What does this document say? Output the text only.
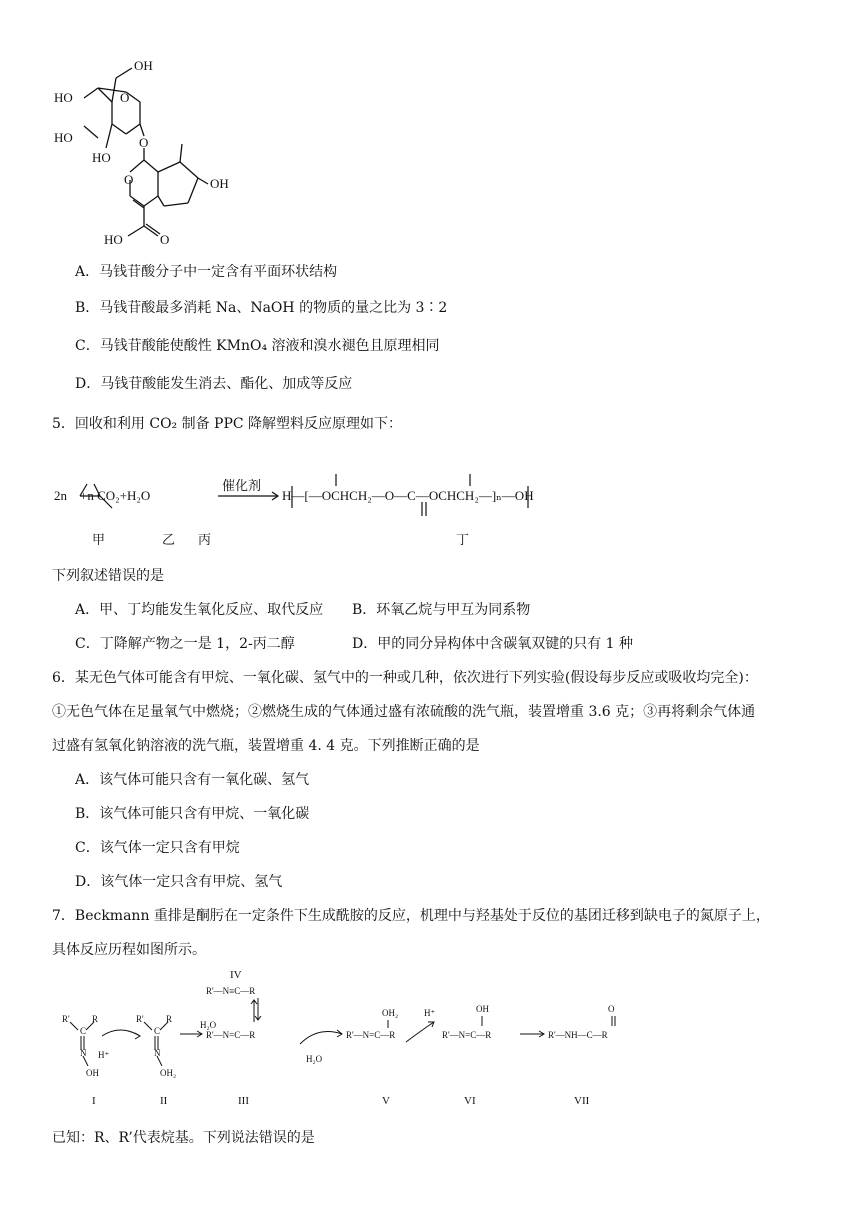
OH
HO
HO
HO
O
O
O	OH
HO	O
A．马钱苷酸分子中一定含有平面环状结构
B．马钱苷酸最多消耗 Na、NaOH 的物质的量之比为 3∶2
C．马钱苷酸能使酸性 KMnO₄ 溶液和溴水褪色且原理相同
D．马钱苷酸能发生消去、酯化、加成等反应
5．回收和利用 CO₂ 制备 PPC 降解塑料反应原理如下：
2n    +n CO₂+H₂O
催化剂
H—[—OCHCH₂—O—C—OCHCH₂—]ₙ—OH
甲	乙 丙	丁
下列叙述错误的是
A．甲、丁均能发生氧化反应、取代反应 B．环氧乙烷与甲互为同系物
C．丁降解产物之一是 1，2-丙二醇	D．甲的同分异构体中含碳氧双键的只有 1 种
6．某无色气体可能含有甲烷、一氧化碳、氢气中的一种或几种，依次进行下列实验(假设每步反应或吸收均完全)：
①无色气体在足量氧气中燃烧；②燃烧生成的气体通过盛有浓硫酸的洗气瓶，装置增重 3.6 克；③再将剩余气体通
过盛有氢氧化钠溶液的洗气瓶，装置增重 4. 4 克。下列推断正确的是
A．该气体可能只含有一氧化碳、氢气
B．该气体可能只含有甲烷、一氧化碳
C．该气体一定只含有甲烷
D．该气体一定只含有甲烷、氢气
7．Beckmann 重排是酮肟在一定条件下生成酰胺的反应，机理中与羟基处于反位的基团迁移到缺电子的氮原子上，
具体反应历程如图所示。
R' R
C
N H⁺
OH
R' R
C
N
OH₂
H₂O
R'—N≡C—R
R'—N=C—R
H₂O
R'—N=C—R
OH₂	H⁺
R'—N=C—R
OH
R'—NH—C—R
O
I	II	III
IV
V	VI	VII
已知：R、R’代表烷基。下列说法错误的是
